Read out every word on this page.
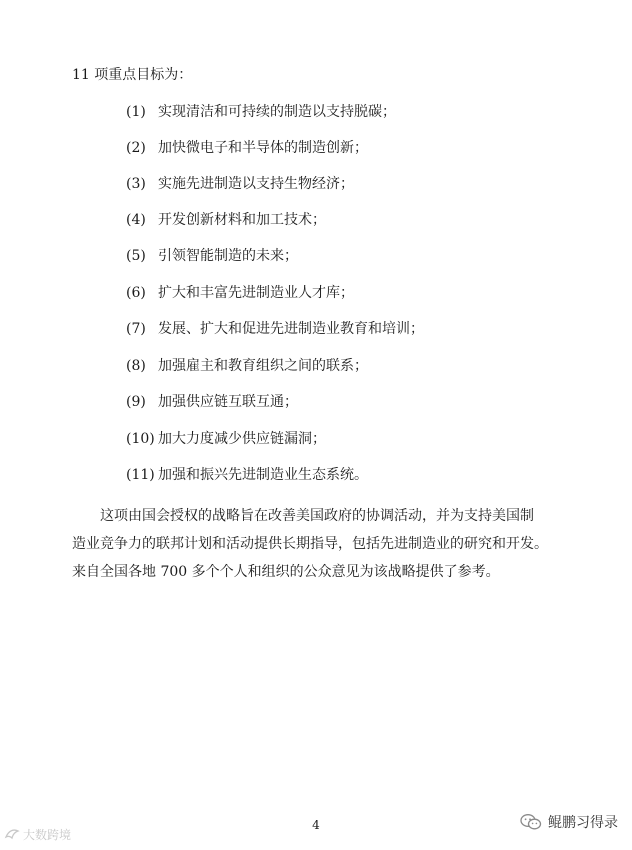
11 项重点目标为：
(1) 实现清洁和可持续的制造以支持脱碳；
(2) 加快微电子和半导体的制造创新；
(3) 实施先进制造以支持生物经济；
(4) 开发创新材料和加工技术；
(5) 引领智能制造的未来；
(6) 扩大和丰富先进制造业人才库；
(7) 发展、扩大和促进先进制造业教育和培训；
(8) 加强雇主和教育组织之间的联系；
(9) 加强供应链互联互通；
(10) 加大力度减少供应链漏洞；
(11) 加强和振兴先进制造业生态系统。

这项由国会授权的战略旨在改善美国政府的协调活动，并为支持美国制
造业竞争力的联邦计划和活动提供长期指导，包括先进制造业的研究和开发。
来自全国各地 700 多个个人和组织的公众意见为该战略提供了参考。

4
大数跨境
鲲鹏习得录
